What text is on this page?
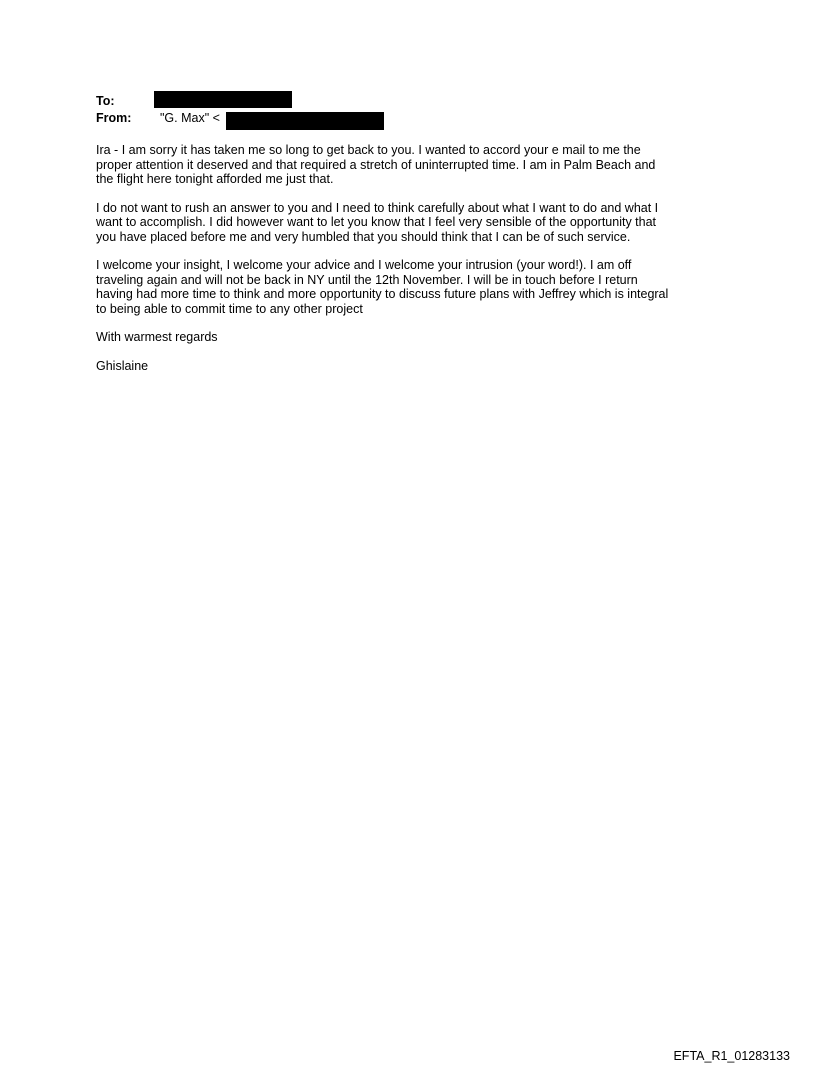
To:
From: "G. Max" <

Ira - I am sorry it has taken me so long to get back to you. I wanted to accord your e mail to me the
proper attention it deserved and that required a stretch of uninterrupted time. I am in Palm Beach and
the flight here tonight afforded me just that.

I do not want to rush an answer to you and I need to think carefully about what I want to do and what I
want to accomplish. I did however want to let you know that I feel very sensible of the opportunity that
you have placed before me and very humbled that you should think that I can be of such service.

I welcome your insight, I welcome your advice and I welcome your intrusion (your word!). I am off
traveling again and will not be back in NY until the 12th November. I will be in touch before I return
having had more time to think and more opportunity to discuss future plans with Jeffrey which is integral
to being able to commit time to any other project

With warmest regards

Ghislaine

EFTA_R1_01283133
